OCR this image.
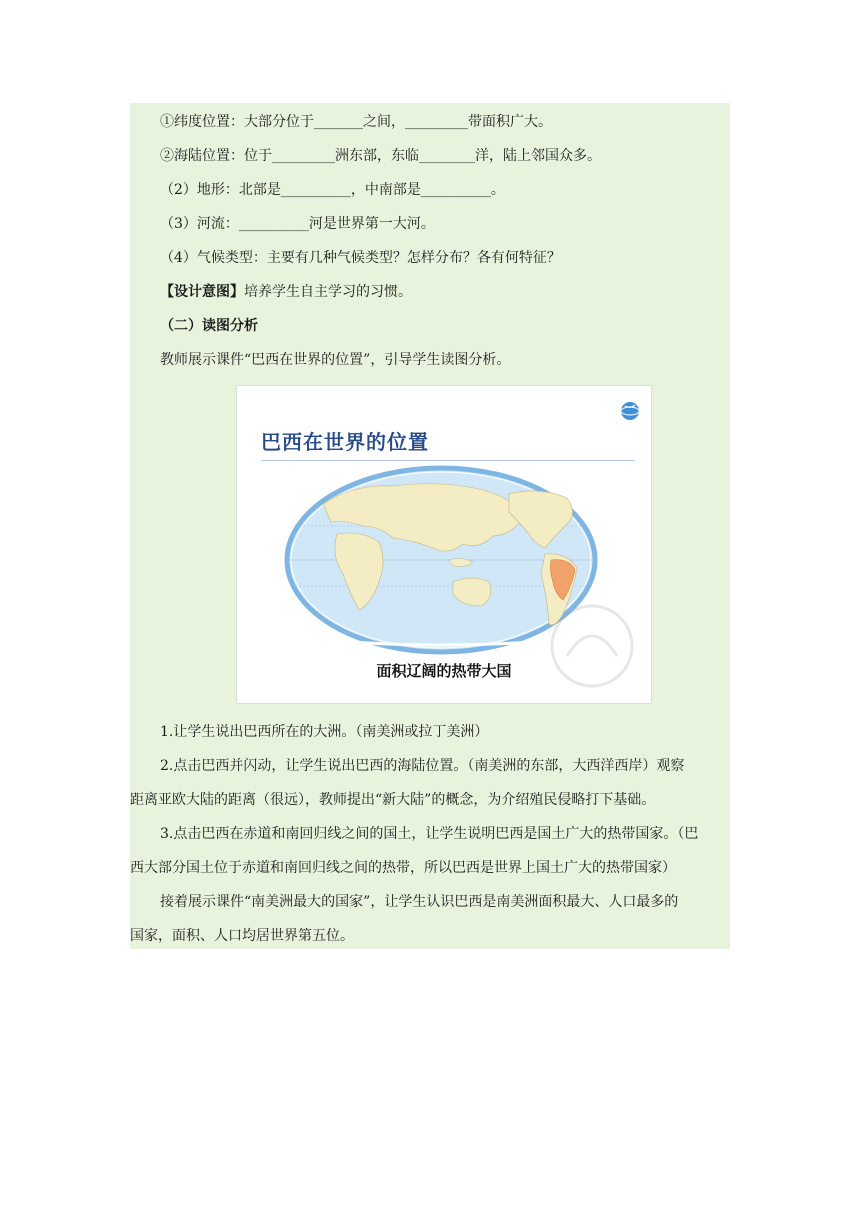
①纬度位置：大部分位于_______之间，_________带面积广大。
②海陆位置：位于_________洲东部，东临________洋，陆上邻国众多。
（2）地形：北部是__________，中南部是__________。
（3）河流：__________河是世界第一大河。
（4）气候类型：主要有几种气候类型？怎样分布？各有何特征？
【设计意图】培养学生自主学习的习惯。
（二）读图分析
教师展示课件“巴西在世界的位置”，引导学生读图分析。
巴西在世界的位置
面积辽阔的热带大国
1.让学生说出巴西所在的大洲。（南美洲或拉丁美洲）
2.点击巴西并闪动，让学生说出巴西的海陆位置。（南美洲的东部，大西洋西岸）观察
距离亚欧大陆的距离（很远），教师提出“新大陆”的概念，为介绍殖民侵略打下基础。
3.点击巴西在赤道和南回归线之间的国土，让学生说明巴西是国土广大的热带国家。（巴
西大部分国土位于赤道和南回归线之间的热带，所以巴西是世界上国土广大的热带国家）
接着展示课件“南美洲最大的国家”，让学生认识巴西是南美洲面积最大、人口最多的
国家，面积、人口均居世界第五位。
